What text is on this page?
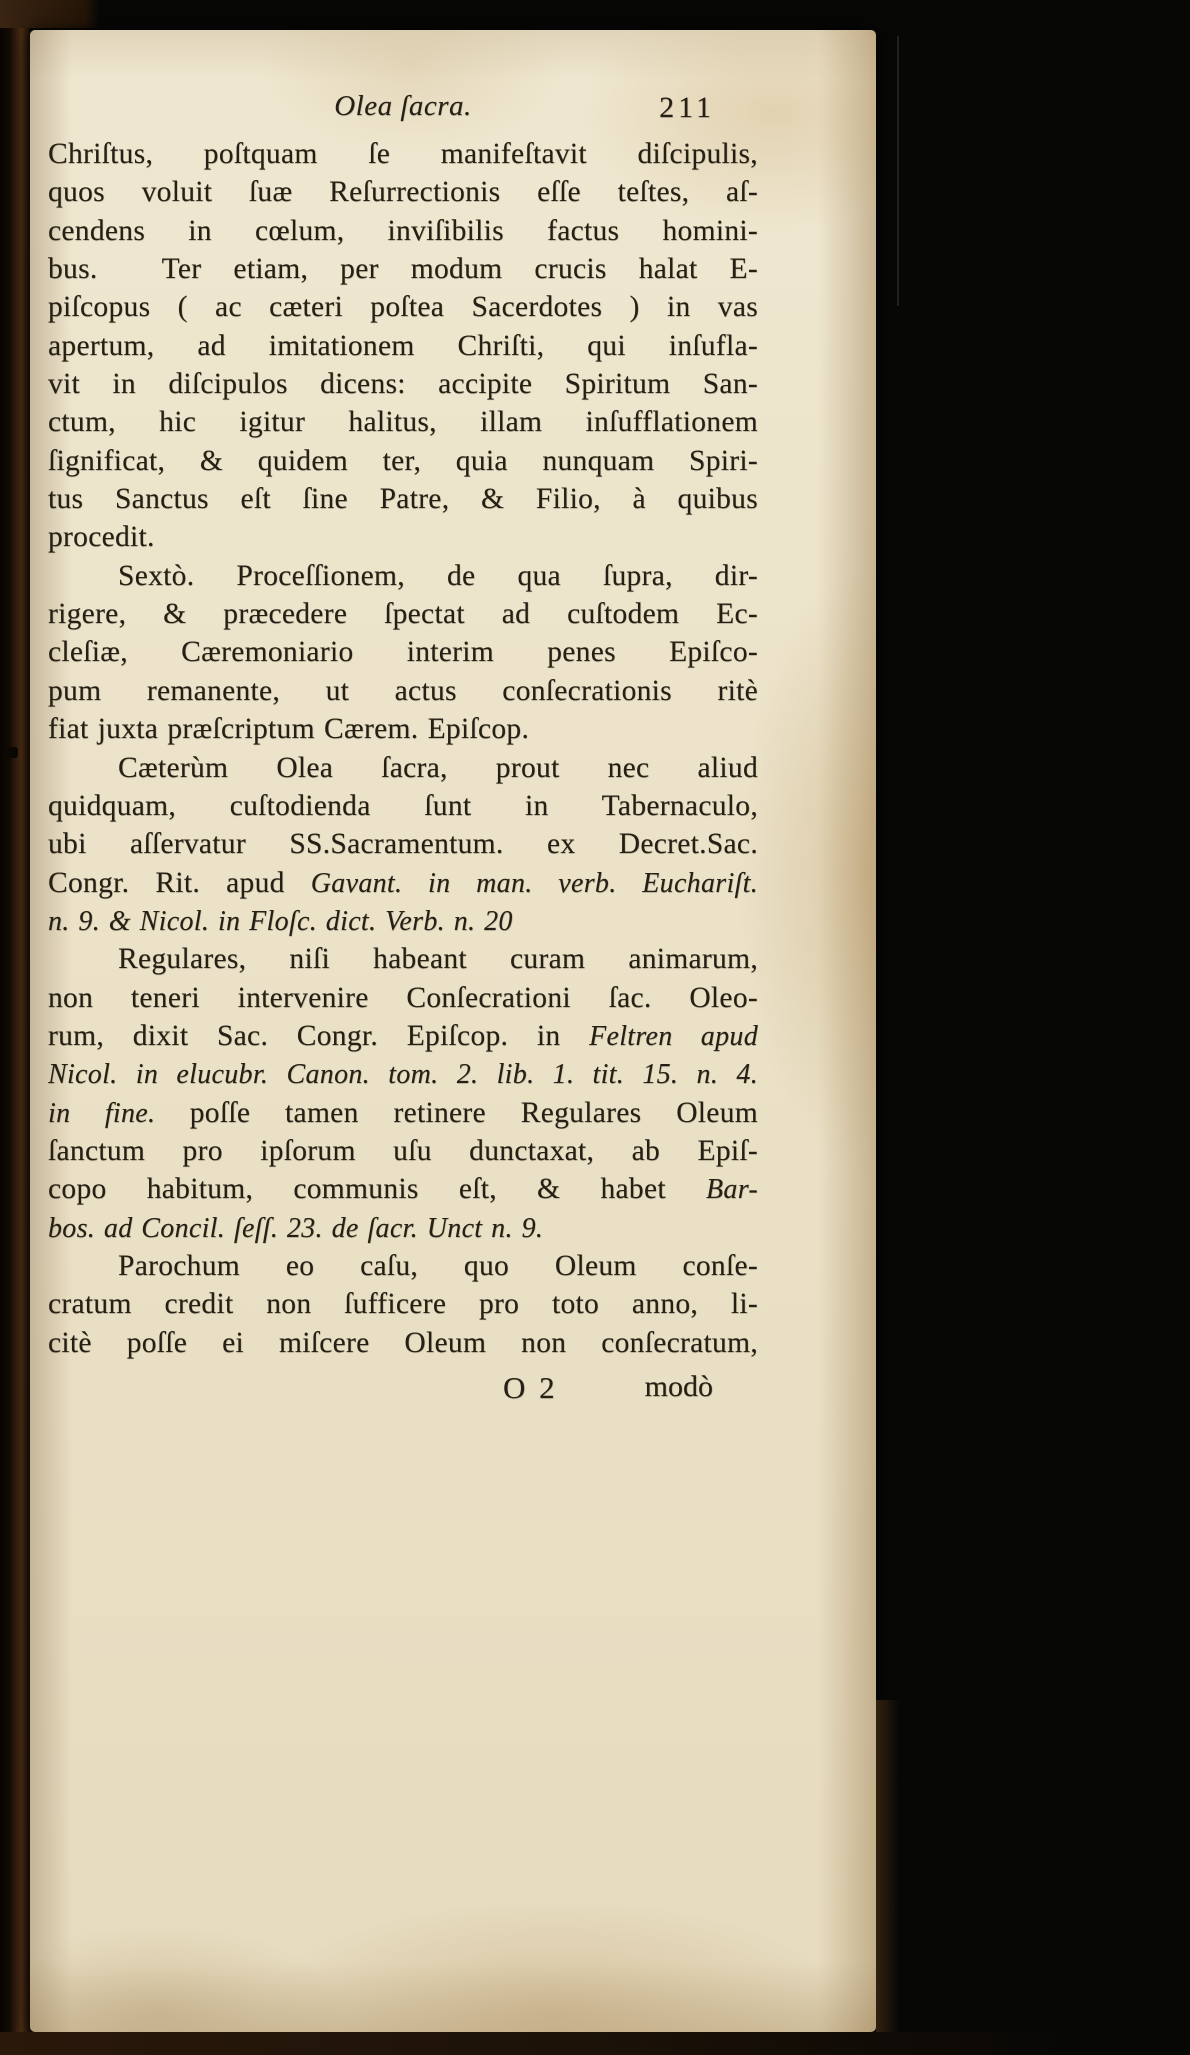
Olea ſacra.	211
Chriſtus, poſtquam ſe manifeſtavit diſcipulis,
quos voluit ſuæ Reſurrectionis eſſe teſtes, aſ-
cendens in cœlum, inviſibilis factus homini-
bus.  Ter etiam, per modum crucis halat E-
piſcopus ( ac cæteri poſtea Sacerdotes ) in vas
apertum, ad imitationem Chriſti, qui inſufla-
vit in diſcipulos dicens: accipite Spiritum San-
ctum, hic igitur halitus, illam inſufflationem
ſignificat, & quidem ter, quia nunquam Spiri-
tus Sanctus eſt ſine Patre, & Filio, à quibus
procedit.
Sextò. Proceſſionem, de qua ſupra, dir-
rigere, & præcedere ſpectat ad cuſtodem Ec-
cleſiæ, Cæremoniario interim penes Epiſco-
pum remanente, ut actus conſecrationis ritè
fiat juxta præſcriptum Cærem. Epiſcop.
Cæterùm Olea ſacra, prout nec aliud
quidquam, cuſtodienda ſunt in Tabernaculo,
ubi aſſervatur SS.Sacramentum. ex Decret.Sac.
Congr. Rit. apud Gavant. in man. verb. Euchariſt.
n. 9. & Nicol. in Floſc. dict. Verb. n. 20
Regulares, niſi habeant curam animarum,
non teneri intervenire Conſecrationi ſac. Oleo-
rum, dixit Sac. Congr. Epiſcop. in Feltren apud
Nicol. in elucubr. Canon. tom. 2. lib. 1. tit. 15. n. 4.
in fine. poſſe tamen retinere Regulares Oleum
ſanctum pro ipſorum uſu dunctaxat, ab Epiſ-
copo habitum, communis eſt, & habet Bar-
bos. ad Concil. ſeſſ. 23. de ſacr. Unct n. 9.
Parochum eo caſu, quo Oleum conſe-
cratum credit non ſufficere pro toto anno, li-
citè poſſe ei miſcere Oleum non conſecratum,
O 2	modò
